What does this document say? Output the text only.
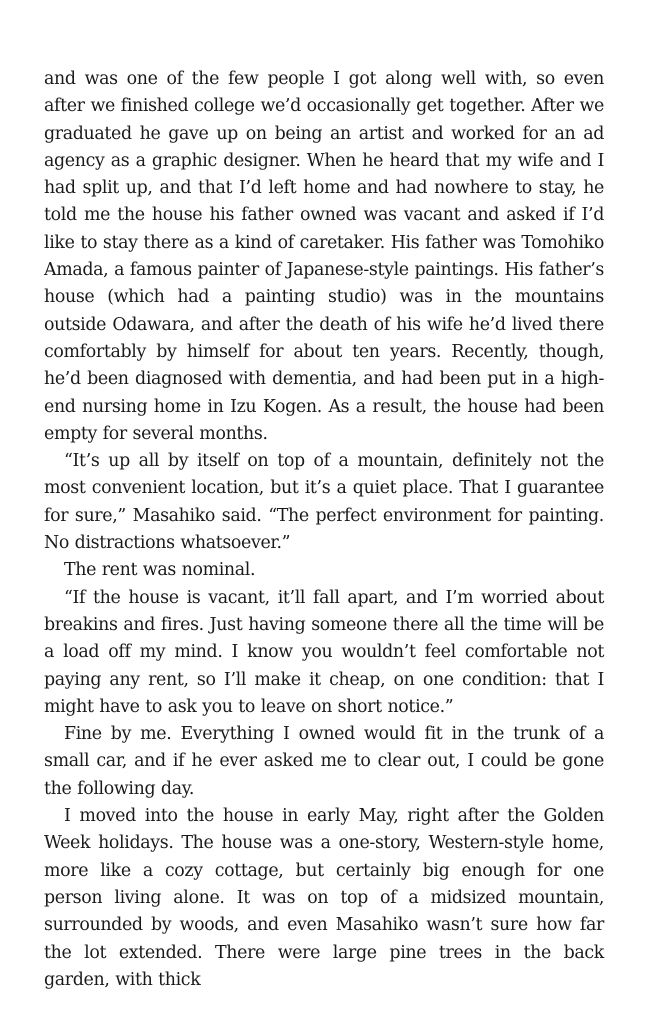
and was one of the few people I got along well with, so even after we finished college we’d occasionally get together. After we graduated he gave up on being an artist and worked for an ad agency as a graphic designer. When he heard that my wife and I had split up, and that I’d left home and had nowhere to stay, he told me the house his father owned was vacant and asked if I’d like to stay there as a kind of caretaker. His father was Tomohiko Amada, a famous painter of Japanese-style paintings. His father’s house (which had a painting studio) was in the mountains outside Odawara, and after the death of his wife he’d lived there comfortably by himself for about ten years. Recently, though, he’d been diagnosed with dementia, and had been put in a high-end nursing home in Izu Kogen. As a result, the house had been empty for several months.

“It’s up all by itself on top of a mountain, definitely not the most convenient location, but it’s a quiet place. That I guarantee for sure,” Masahiko said. “The perfect environment for painting. No distractions whatsoever.”

The rent was nominal.

“If the house is vacant, it’ll fall apart, and I’m worried about breakins and fires. Just having someone there all the time will be a load off my mind. I know you wouldn’t feel comfortable not paying any rent, so I’ll make it cheap, on one condition: that I might have to ask you to leave on short notice.”

Fine by me. Everything I owned would fit in the trunk of a small car, and if he ever asked me to clear out, I could be gone the following day.

I moved into the house in early May, right after the Golden Week holidays. The house was a one-story, Western-style home, more like a cozy cottage, but certainly big enough for one person living alone. It was on top of a midsized mountain, surrounded by woods, and even Masahiko wasn’t sure how far the lot extended. There were large pine trees in the back garden, with thick
